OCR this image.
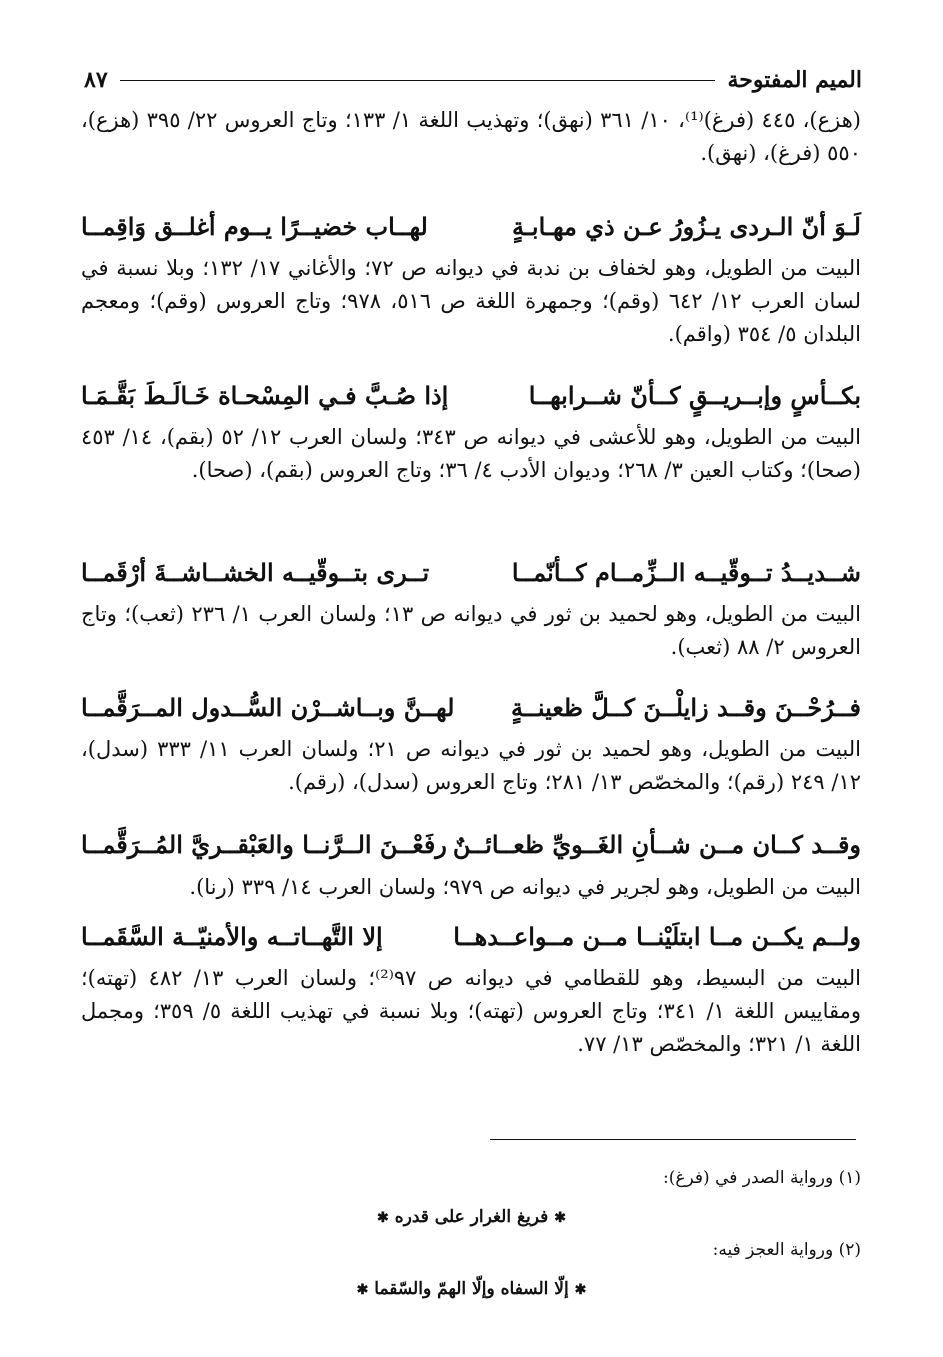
الميم المفتوحة
٨٧

(هزع)، ٤٤٥ (فرغ)⁽¹⁾، ١٠/ ٣٦١ (نهق)؛ وتهذيب اللغة ١/ ١٣٣؛ وتاج العروس ٢٢/ ٣٩٥ (هزع)، ٥٥٠ (فرغ)، (نهق).

لَـوَ أنّ الـردى يـزُورُ عـن ذي مهـابـةٍ
لهــاب خضيــرًا يــوم أغلــق وَاقِمــا

البيت من الطويل، وهو لخفاف بن ندبة في ديوانه ص ٧٢؛ والأغاني ١٧/ ١٣٢؛ وبلا نسبة في لسان العرب ١٢/ ٦٤٢ (وقم)؛ وجمهرة اللغة ص ٥١٦، ٩٧٨؛ وتاج العروس (وقم)؛ ومعجم البلدان ٥/ ٣٥٤ (واقم).

بكــأسٍ وإبــريــقٍ كــأنّ شــرابهــا
إذا صُـبَّ فـي المِسْحـاة خَـالَـطَ بَقَّـمَـا

البيت من الطويل، وهو للأعشى في ديوانه ص ٣٤٣؛ ولسان العرب ١٢/ ٥٢ (بقم)، ١٤/ ٤٥٣ (صحا)؛ وكتاب العين ٣/ ٢٦٨؛ وديوان الأدب ٤/ ٣٦؛ وتاج العروس (بقم)، (صحا).

شــديــدُ تــوقّيــه الــزِّمــام كــأنّمــا
تــرى بتــوقّيــه الخشــاشــةَ أرْقَمــا

البيت من الطويل، وهو لحميد بن ثور في ديوانه ص ١٣؛ ولسان العرب ١/ ٢٣٦ (ثعب)؛ وتاج العروس ٢/ ٨٨ (ثعب).

فــرُحْــنَ وقــد زايلْــنَ كــلَّ ظعينــةٍ
لهــنَّ وبــاشــرْن السُّــدول المــرَقَّمــا

البيت من الطويل، وهو لحميد بن ثور في ديوانه ص ٢١؛ ولسان العرب ١١/ ٣٣٣ (سدل)، ١٢/ ٢٤٩ (رقم)؛ والمخصّص ١٣/ ٢٨١؛ وتاج العروس (سدل)، (رقم).

وقــد كــان مــن شــأنِ الغَــويِّ ظعــائــنٌ
رفَعْــنَ الــرَّنــا والعَبْقــريَّ المُــرَقَّمــا

البيت من الطويل، وهو لجرير في ديوانه ص ٩٧٩؛ ولسان العرب ١٤/ ٣٣٩ (رنا).

ولــم يكــن مــا ابتلَيْنــا مــن مــواعــدهــا
إلا التَّهــاتــه والأمنيّــة السَّقَمــا

البيت من البسيط، وهو للقطامي في ديوانه ص ٩٧⁽²⁾؛ ولسان العرب ١٣/ ٤٨٢ (تهته)؛ ومقاييس اللغة ١/ ٣٤١؛ وتاج العروس (تهته)؛ وبلا نسبة في تهذيب اللغة ٥/ ٣٥٩؛ ومجمل اللغة ١/ ٣٢١؛ والمخصّص ١٣/ ٧٧.

(١) ورواية الصدر في (فرغ):
✱ فريغ الغرار على قدره ✱
(٢) ورواية العجز فيه:
✱ إلّا السفاه وإلّا الهمّ والسّقما ✱
